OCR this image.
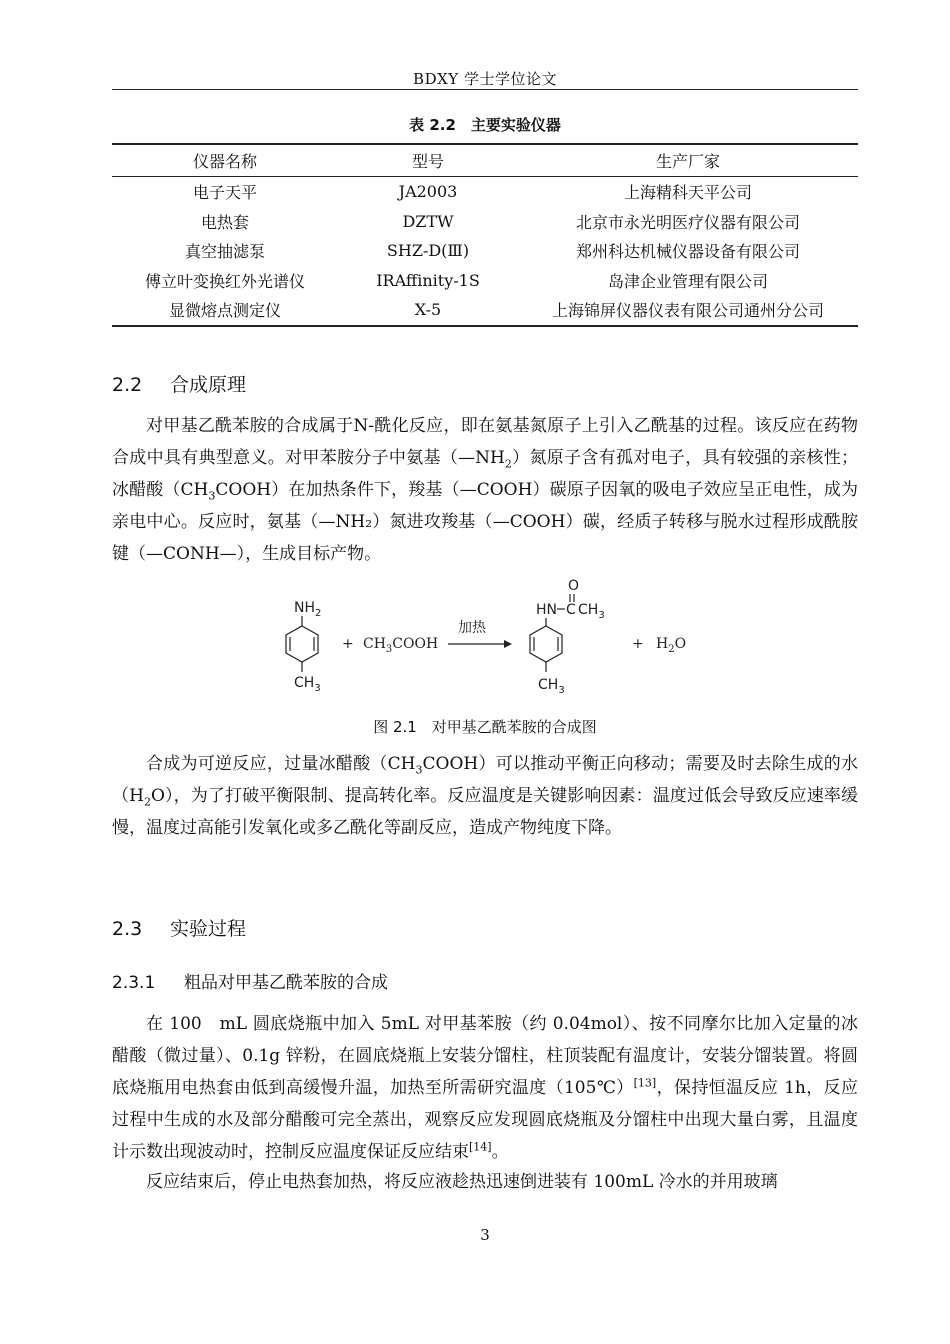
BDXY 学士学位论文
表 2.2　主要实验仪器
仪器名称	型号	生产厂家
电子天平	JA2003	上海精科天平公司
电热套	DZTW	北京市永光明医疗仪器有限公司
真空抽滤泵	SHZ-D(Ⅲ)	郑州科达机械仪器设备有限公司
傅立叶变换红外光谱仪	IRAffinity-1S	岛津企业管理有限公司
显微熔点测定仪	X-5	上海锦屏仪器仪表有限公司通州分公司
2.2 合成原理

对甲基乙酰苯胺的合成属于N-酰化反应，即在氨基氮原子上引入乙酰基的过程。该反应在药物合成中具有典型意义。对甲苯胺分子中氨基$(—NH_2)$氮原子含有孤对电子，具有较强的亲核性；冰醋酸$(CH_3COOH)$在加热条件下，羧基（—COOH）碳原子因氧的吸电子效应呈正电性，成为亲电中心。反应时，氨基（—NH₂）氮进攻羧基（—COOH）碳，经质子转移与脱水过程形成酰胺键（—CONH—），生成目标产物。

$NH_2$
$CH_3$
+ $CH_3COOH$
加热
O
HN C $CH_3$
$CH_3$
+ $H_2O$
图 2.1　对甲基乙酰苯胺的合成图

合成为可逆反应，过量冰醋酸$(CH_3COOH)$可以推动平衡正向移动；需要及时去除生成的水$(H_2O)$，为了打破平衡限制、提高转化率。反应温度是关键影响因素：温度过低会导致反应速率缓慢，温度过高能引发氧化或多乙酰化等副反应，造成产物纯度下降。

2.3 实验过程
2.3.1 粗品对甲基乙酰苯胺的合成

在 100　mL 圆底烧瓶中加入 5mL 对甲基苯胺（约 0.04mol）、按不同摩尔比加入定量的冰醋酸（微过量）、0.1g 锌粉，在圆底烧瓶上安装分馏柱，柱顶装配有温度计，安装分馏装置。将圆底烧瓶用电热套由低到高缓慢升温，加热至所需研究温度（105℃）[13]，保持恒温反应 1h，反应过程中生成的水及部分醋酸可完全蒸出，观察反应发现圆底烧瓶及分馏柱中出现大量白雾，且温度计示数出现波动时，控制反应温度保证反应结束[14]。

反应结束后，停止电热套加热，将反应液趁热迅速倒进装有 100mL 冷水的并用玻璃

3
